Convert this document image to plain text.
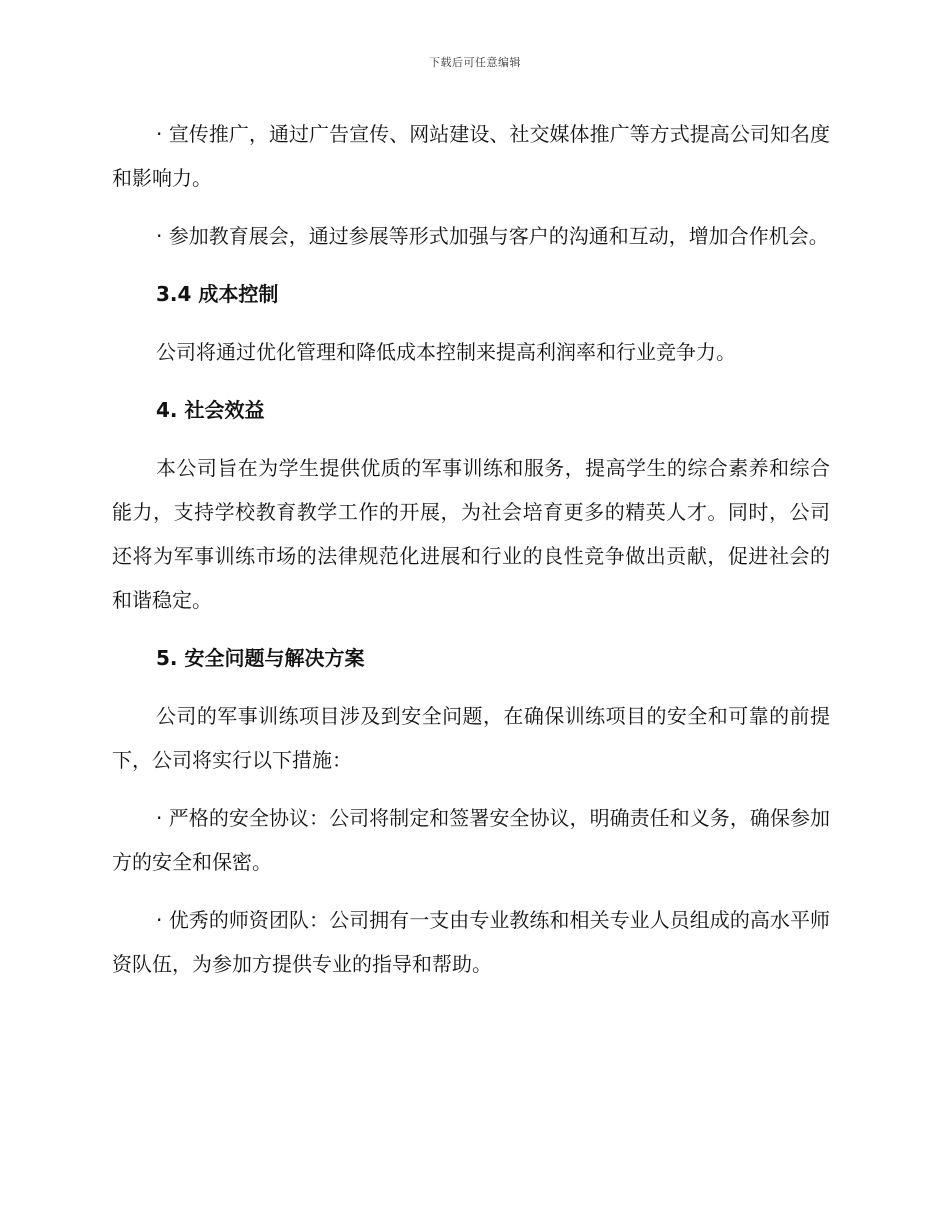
下载后可任意编辑

· 宣传推广，通过广告宣传、网站建设、社交媒体推广等方式提高公司知名度和影响力。

· 参加教育展会，通过参展等形式加强与客户的沟通和互动，增加合作机会。

3.4 成本控制

公司将通过优化管理和降低成本控制来提高利润率和行业竞争力。

4. 社会效益

本公司旨在为学生提供优质的军事训练和服务，提高学生的综合素养和综合能力，支持学校教育教学工作的开展，为社会培育更多的精英人才。同时，公司还将为军事训练市场的法律规范化进展和行业的良性竞争做出贡献，促进社会的和谐稳定。

5. 安全问题与解决方案

公司的军事训练项目涉及到安全问题，在确保训练项目的安全和可靠的前提下，公司将实行以下措施：

· 严格的安全协议：公司将制定和签署安全协议，明确责任和义务，确保参加方的安全和保密。

· 优秀的师资团队：公司拥有一支由专业教练和相关专业人员组成的高水平师资队伍，为参加方提供专业的指导和帮助。
